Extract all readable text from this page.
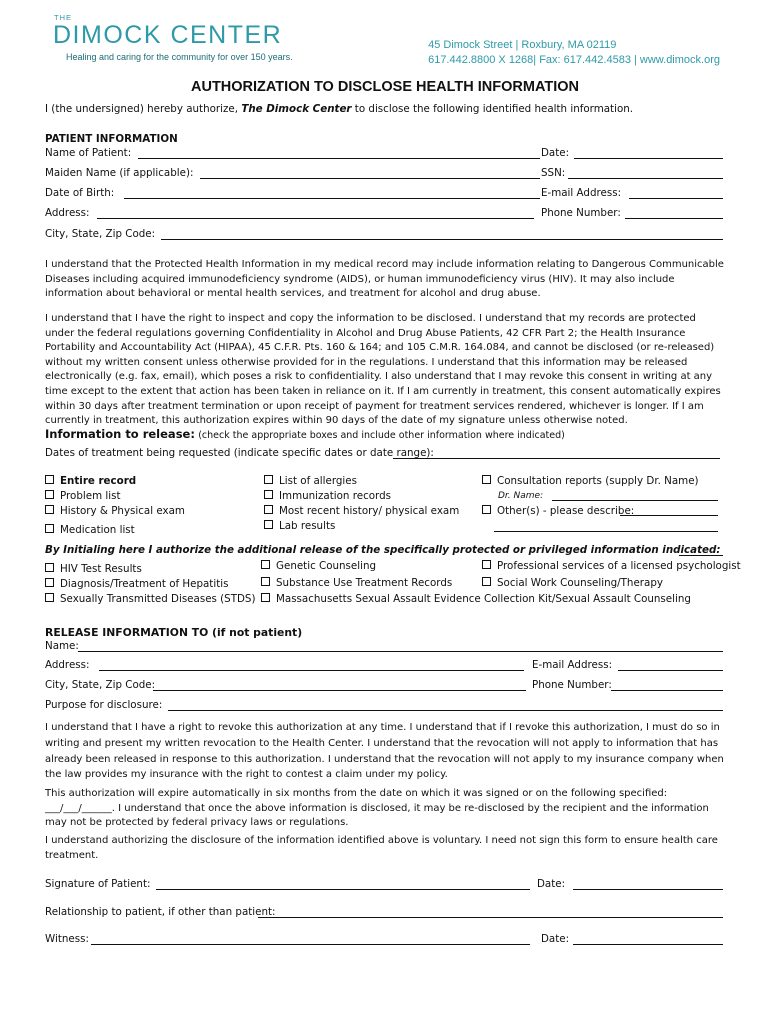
THE
DIMOCK CENTER
Healing and caring for the community for over 150 years.
45 Dimock Street | Roxbury, MA 02119
617.442.8800 X 1268| Fax: 617.442.4583 | www.dimock.org
AUTHORIZATION TO DISCLOSE HEALTH INFORMATION
I (the undersigned) hereby authorize, The Dimock Center to disclose the following identified health information.
PATIENT INFORMATION
Name of Patient:	Date:
Maiden Name (if applicable):	SSN:
Date of Birth:	E-mail Address:
Address:	Phone Number:
City, State, Zip Code:
I understand that the Protected Health Information in my medical record may include information relating to Dangerous Communicable Diseases including acquired immunodeficiency syndrome (AIDS), or human immunodeficiency virus (HIV). It may also include information about behavioral or mental health services, and treatment for alcohol and drug abuse.
I understand that I have the right to inspect and copy the information to be disclosed. I understand that my records are protected under the federal regulations governing Confidentiality in Alcohol and Drug Abuse Patients, 42 CFR Part 2; the Health Insurance Portability and Accountability Act (HIPAA), 45 C.F.R. Pts. 160 & 164; and 105 C.M.R. 164.084, and cannot be disclosed (or re-released) without my written consent unless otherwise provided for in the regulations. I understand that this information may be released electronically (e.g. fax, email), which poses a risk to confidentiality. I also understand that I may revoke this consent in writing at any time except to the extent that action has been taken in reliance on it. If I am currently in treatment, this consent automatically expires within 30 days after treatment termination or upon receipt of payment for treatment services rendered, whichever is longer. If I am currently in treatment, this authorization expires within 90 days of the date of my signature unless otherwise noted.
Information to release: (check the appropriate boxes and include other information where indicated)
Dates of treatment being requested (indicate specific dates or date range):
Entire record
Problem list
History & Physical exam
Medication list
List of allergies
Immunization records
Most recent history/ physical exam
Lab results
Consultation reports (supply Dr. Name)
Dr. Name:
Other(s) - please describe:
By Initialing here I authorize the additional release of the specifically protected or privileged information indicated:
HIV Test Results
Diagnosis/Treatment of Hepatitis
Sexually Transmitted Diseases (STDS)
Genetic Counseling
Substance Use Treatment Records
Massachusetts Sexual Assault Evidence Collection Kit/Sexual Assault Counseling
Professional services of a licensed psychologist
Social Work Counseling/Therapy
RELEASE INFORMATION TO (if not patient)
Name:
Address:	E-mail Address:
City, State, Zip Code:	Phone Number:
Purpose for disclosure:
I understand that I have a right to revoke this authorization at any time. I understand that if I revoke this authorization, I must do so in writing and present my written revocation to the Health Center. I understand that the revocation will not apply to information that has already been released in response to this authorization. I understand that the revocation will not apply to my insurance company when the law provides my insurance with the right to contest a claim under my policy.
This authorization will expire automatically in six months from the date on which it was signed or on the following specified: ___/___/______. I understand that once the above information is disclosed, it may be re-disclosed by the recipient and the information may not be protected by federal privacy laws or regulations.
I understand authorizing the disclosure of the information identified above is voluntary. I need not sign this form to ensure health care treatment.
Signature of Patient:	Date:
Relationship to patient, if other than patient:
Witness:	Date:
